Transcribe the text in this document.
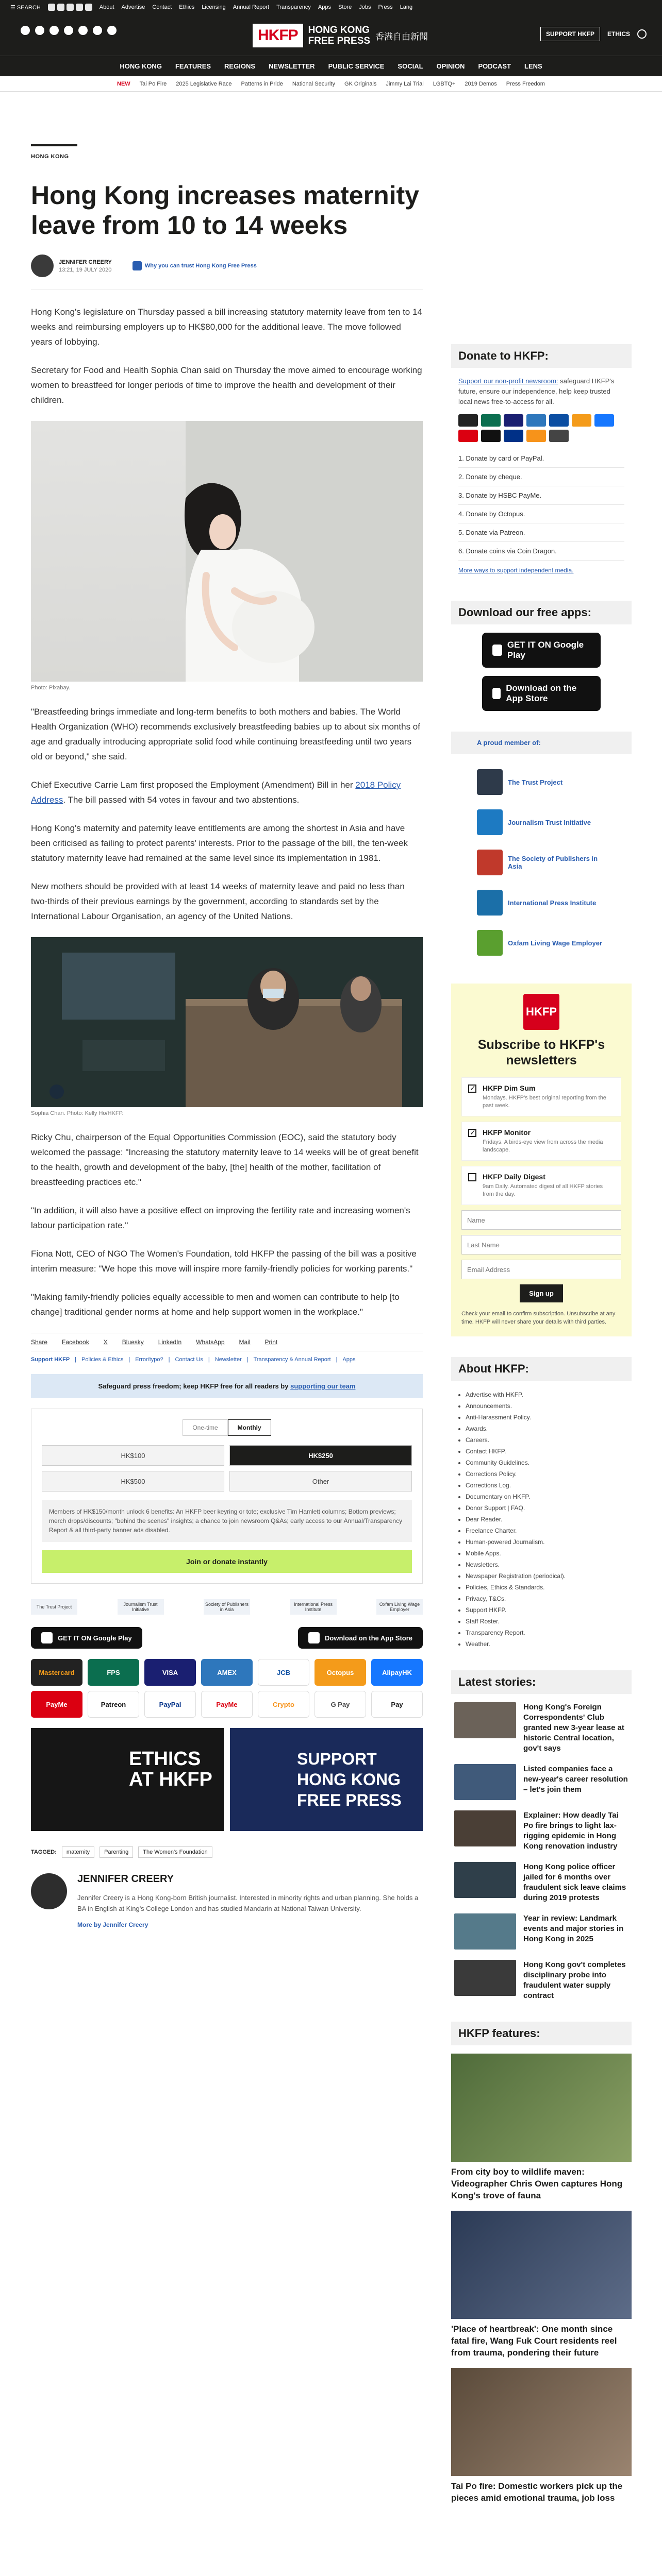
☰ SEARCH	About Advertise Contact Ethics Licensing Annual Report Transparency Apps Store Jobs Press Lang
HKFP	HONG KONG
FREE PRESS 香港自由新聞	SUPPORT HKFP	ETHICS
HONG KONG FEATURES REGIONS NEWSLETTER PUBLIC SERVICE SOCIAL OPINION PODCAST LENS
NEW Tai Po Fire 2025 Legislative Race Patterns in Pride National Security GK Originals Jimmy Lai Trial LGBTQ+ 2019 Demos Press Freedom
HONG KONG
Hong Kong increases maternity leave from 10 to 14 weeks
JENNIFER CREERY
13:21, 19 JULY 2020
Why you can trust Hong Kong Free Press

Hong Kong's legislature on Thursday passed a bill increasing statutory maternity leave from ten to 14 weeks and reimbursing employers up to HK$80,000 for the additional leave. The move followed years of lobbying.

Secretary for Food and Health Sophia Chan said on Thursday the move aimed to encourage working women to breastfeed for longer periods of time to improve the health and development of their children.

Photo: Pixabay.

"Breastfeeding brings immediate and long-term benefits to both mothers and babies. The World Health Organization (WHO) recommends exclusively breastfeeding babies up to about six months of age and gradually introducing appropriate solid food while continuing breastfeeding until two years old or beyond," she said.

Chief Executive Carrie Lam first proposed the Employment (Amendment) Bill in her 2018 Policy Address. The bill passed with 54 votes in favour and two abstentions.

Hong Kong's maternity and paternity leave entitlements are among the shortest in Asia and have been criticised as failing to protect parents' interests. Prior to the passage of the bill, the ten-week statutory maternity leave had remained at the same level since its implementation in 1981.

New mothers should be provided with at least 14 weeks of maternity leave and paid no less than two-thirds of their previous earnings by the government, according to standards set by the International Labour Organisation, an agency of the United Nations.

Sophia Chan. Photo: Kelly Ho/HKFP.

Ricky Chu, chairperson of the Equal Opportunities Commission (EOC), said the statutory body welcomed the passage: "Increasing the statutory maternity leave to 14 weeks will be of great benefit to the health, growth and development of the baby, [the] health of the mother, facilitation of breastfeeding practices etc."

"In addition, it will also have a positive effect on improving the fertility rate and increasing women's labour participation rate."

Fiona Nott, CEO of NGO The Women's Foundation, told HKFP the passing of the bill was a positive interim measure: "We hope this move will inspire more family-friendly policies for working parents."

"Making family-friendly policies equally accessible to men and women can contribute to help [to change] traditional gender norms at home and help support women in the workplace."

Share Facebook X Bluesky LinkedIn WhatsApp Mail Print
Support HKFP | Policies & Ethics | Error/typo? | Contact Us | Newsletter | Transparency & Annual Report | Apps
Safeguard press freedom; keep HKFP free for all readers by supporting our team
One-time	Monthly
HK$100	HK$250
HK$500	Other
Members of HK$150/month unlock 6 benefits: An HKFP beer keyring or tote; exclusive Tim Hamlett columns; Bottom previews; merch drops/discounts; "behind the scenes" insights; a chance to join newsroom Q&As; early access to our Annual/Transparency Report & all third-party banner ads disabled.
Join or donate instantly
The Trust Project	Journalism Trust Initiative
Society of Publishers in Asia
International Press Institute
Oxfam Living Wage Employer
GET IT ON Google Play	Download on the App Store
Mastercard	FPS	VISA	AMEX	JCB	Octopus	AlipayHK
PayMe	Patreon	PayPal	PayMe	Crypto	G Pay	Pay
ETHICS AT HKFP
SUPPORT HONG KONG FREE PRESS
TAGGED:	maternity	Parenting	The Women's Foundation
JENNIFER CREERY
Jennifer Creery is a Hong Kong-born British journalist. Interested in minority rights and urban planning. She holds a BA in English at King's College London and has studied Mandarin at National Taiwan University.
More by Jennifer Creery
Donate to HKFP:
Support our non-profit newsroom: safeguard HKFP's future, ensure our independence, help keep trusted local news free-to-access for all.
1. Donate by card or PayPal.
2. Donate by cheque.
3. Donate by HSBC PayMe.
4. Donate by Octopus.
5. Donate via Patreon.
6. Donate coins via Coin Dragon.
More ways to support independent media.
Download our free apps:
GET IT ON Google Play
Download on the App Store
A proud member of:
The Trust Project
Journalism Trust Initiative
The Society of Publishers in Asia
International Press Institute
Oxfam Living Wage Employer
HKFP
Subscribe to HKFP's newsletters
✓
HKFP Dim Sum
Mondays. HKFP's best original reporting from the past week.
✓
HKFP Monitor
Fridays. A birds-eye view from across the media landscape.
HKFP Daily Digest
9am Daily. Automated digest of all HKFP stories from the day.
Name Last Name Email Address Sign up
Check your email to confirm subscription. Unsubscribe at any time. HKFP will never share your details with third parties.
About HKFP:
• Advertise with HKFP.
• Announcements.
• Anti-Harassment Policy.
• Awards.
• Careers.
• Contact HKFP.
• Community Guidelines.
• Corrections Policy.
• Corrections Log.
• Documentary on HKFP.
• Donor Support | FAQ.
• Dear Reader.
• Freelance Charter.
• Human-powered Journalism.
• Mobile Apps.
• Newsletters.
• Newspaper Registration (periodical).
• Policies, Ethics & Standards.
• Privacy, T&Cs.
• Support HKFP.
• Staff Roster.
• Transparency Report.
• Weather.
Latest stories:
Hong Kong's Foreign Correspondents' Club granted new 3-year lease at historic Central location, gov't says
Listed companies face a new-year's career resolution – let's join them
Explainer: How deadly Tai Po fire brings to light lax-rigging epidemic in Hong Kong renovation industry
Hong Kong police officer jailed for 6 months over fraudulent sick leave claims during 2019 protests
Year in review: Landmark events and major stories in Hong Kong in 2025
Hong Kong gov't completes disciplinary probe into fraudulent water supply contract
HKFP features:
From city boy to wildlife maven: Videographer Chris Owen captures Hong Kong's trove of fauna
'Place of heartbreak': One month since fatal fire, Wang Fuk Court residents reel from trauma, pondering their future
Tai Po fire: Domestic workers pick up the pieces amid emotional trauma, job loss
